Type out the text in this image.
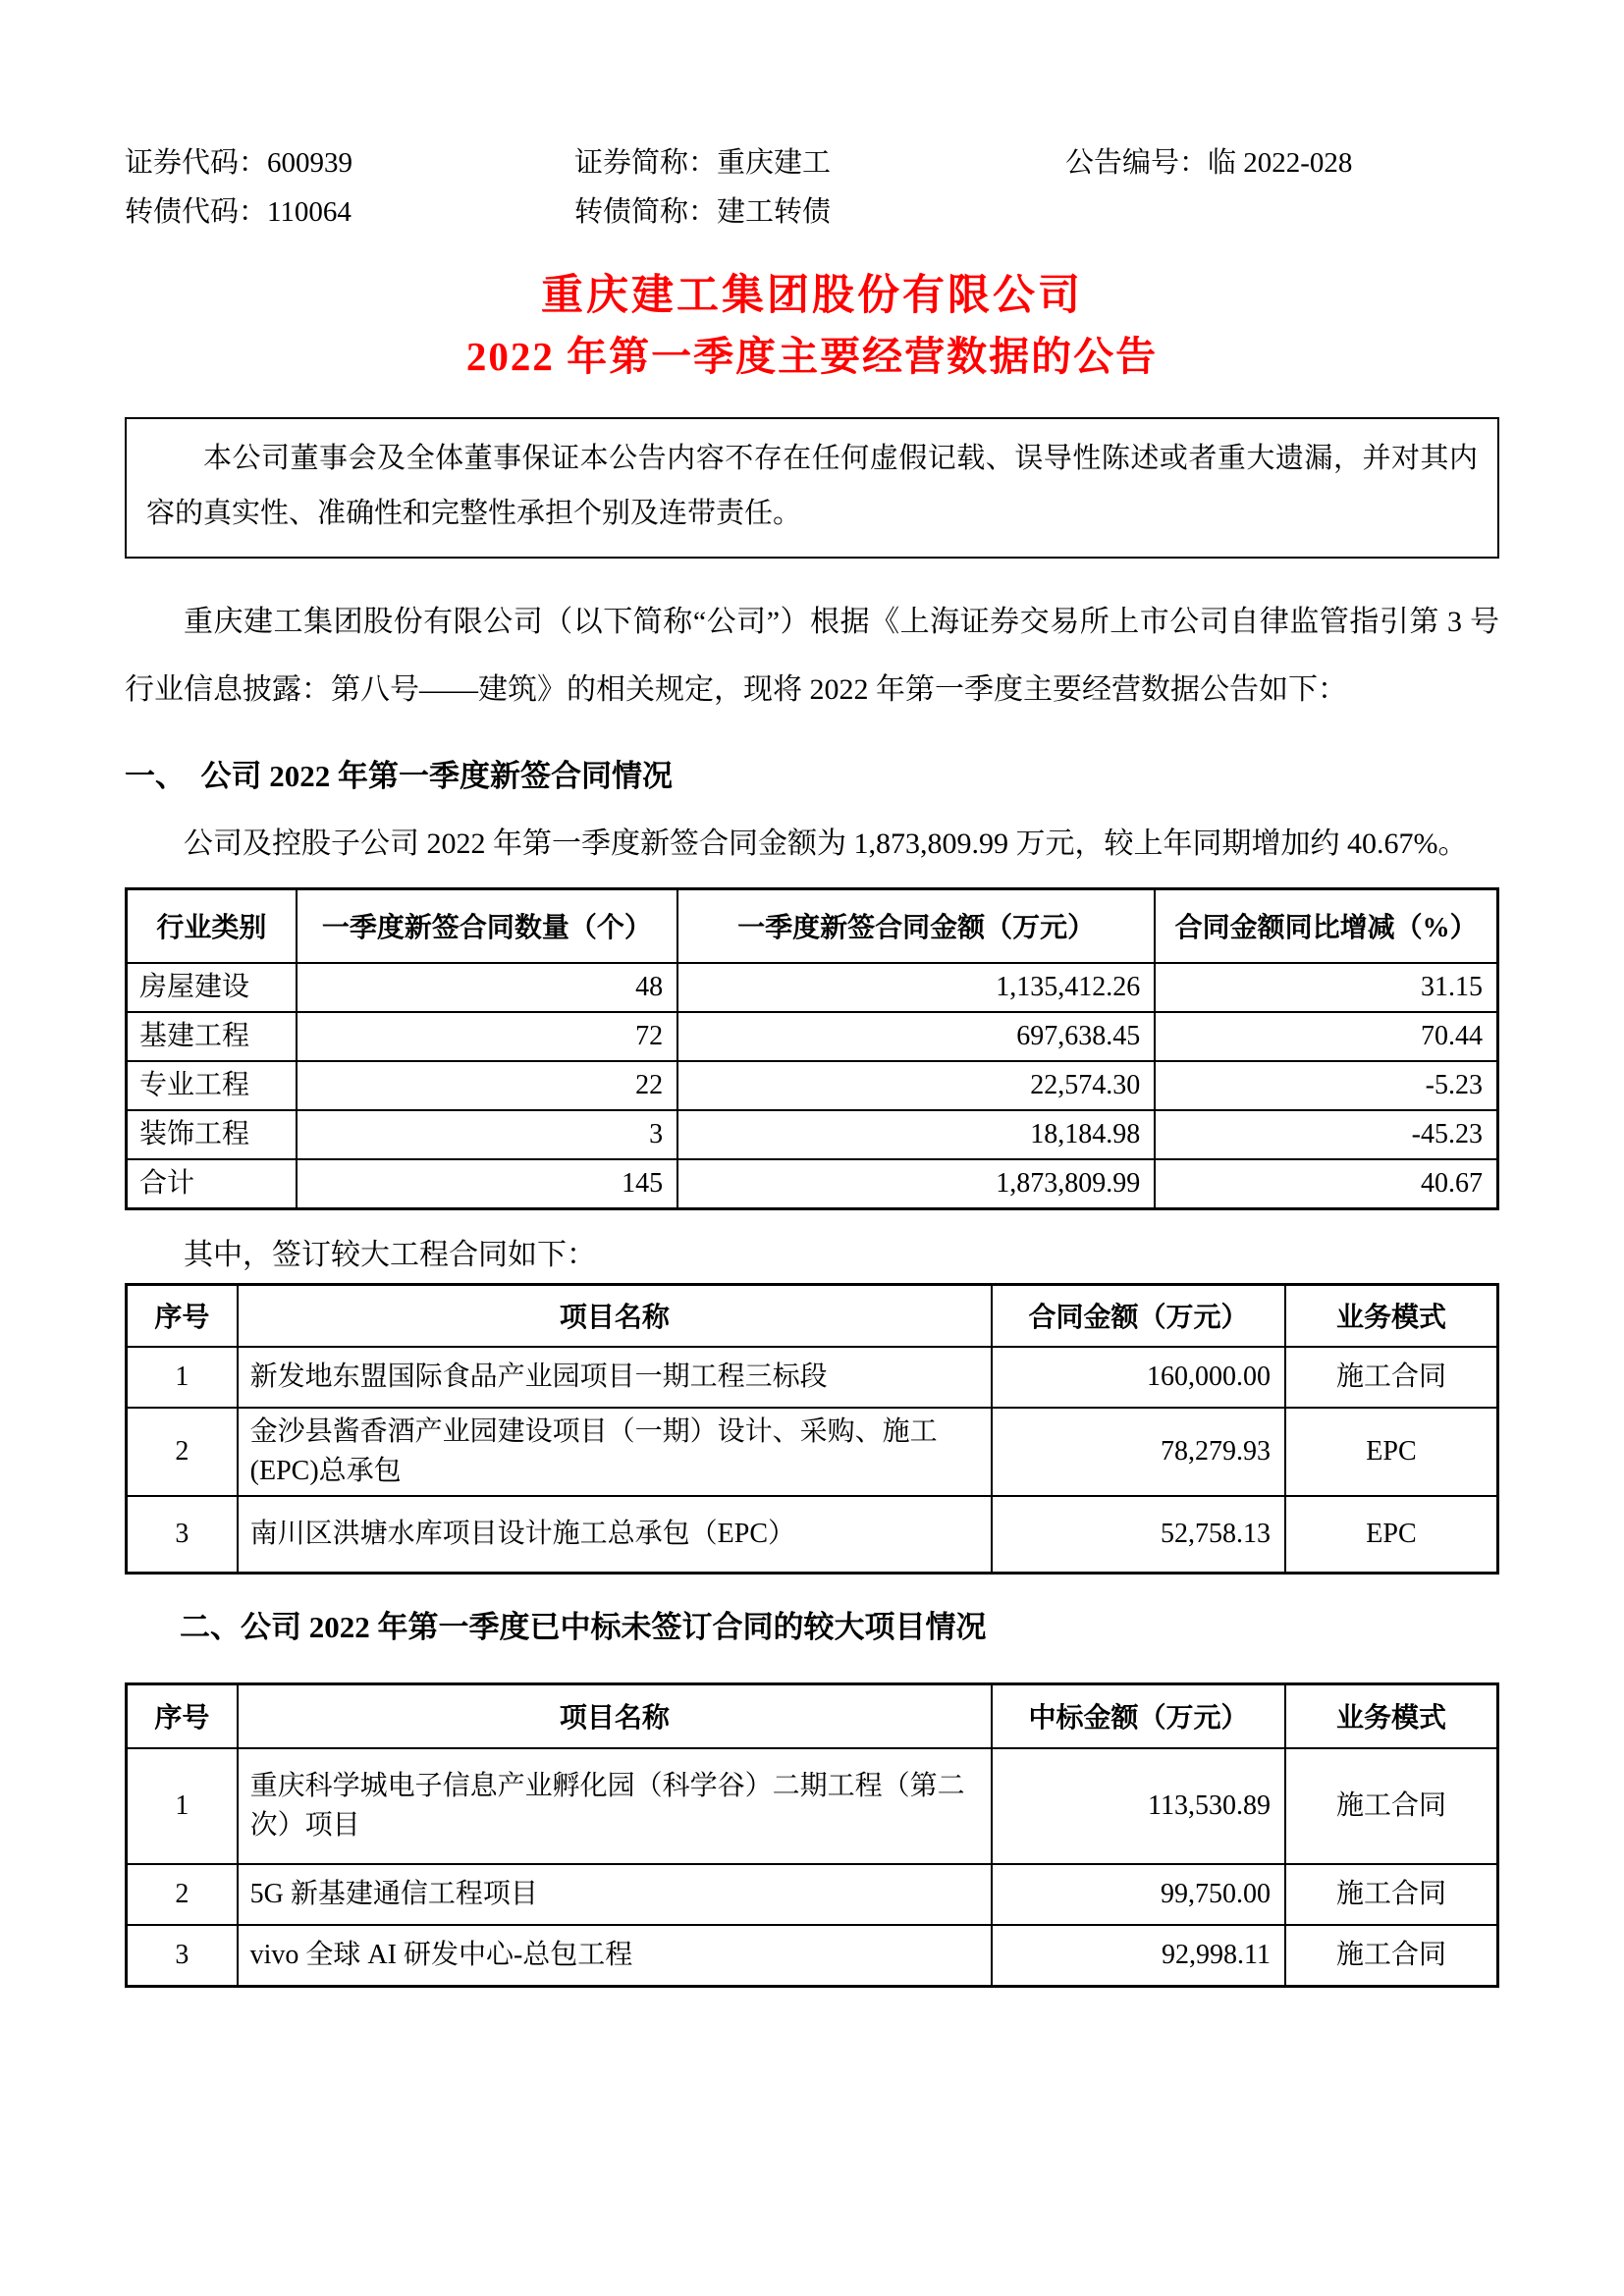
证券代码：600939	证券简称：重庆建工	公告编号：临 2022-028
转债代码：110064	转债简称：建工转债
重庆建工集团股份有限公司
2022 年第一季度主要经营数据的公告

本公司董事会及全体董事保证本公告内容不存在任何虚假记载、误导性陈述或者重大遗漏，并对其内容的真实性、准确性和完整性承担个别及连带责任。

重庆建工集团股份有限公司（以下简称“公司”）根据《上海证券交易所上市公司自律监管指引第 3 号行业信息披露：第八号——建筑》的相关规定，现将 2022 年第一季度主要经营数据公告如下：

一、　公司 2022 年第一季度新签合同情况

公司及控股子公司 2022 年第一季度新签合同金额为 1,873,809.99 万元，较上年同期增加约 40.67%。

行业类别	一季度新签合同数量（个）	一季度新签合同金额（万元）	合同金额同比增减（%）
房屋建设	48	1,135,412.26	31.15
基建工程	72	697,638.45	70.44
专业工程	22	22,574.30	-5.23
装饰工程	3	18,184.98	-45.23
合计	145	1,873,809.99	40.67

其中，签订较大工程合同如下：

序号	项目名称	合同金额（万元）	业务模式
1	新发地东盟国际食品产业园项目一期工程三标段	160,000.00	施工合同
2	金沙县酱香酒产业园建设项目（一期）设计、采购、施工(EPC)总承包	78,279.93	EPC
3	南川区洪塘水库项目设计施工总承包（EPC）	52,758.13	EPC
二、公司 2022 年第一季度已中标未签订合同的较大项目情况
序号	项目名称	中标金额（万元）	业务模式
1	重庆科学城电子信息产业孵化园（科学谷）二期工程（第二次）项目	113,530.89	施工合同
2	5G 新基建通信工程项目	99,750.00	施工合同
3	vivo 全球 AI 研发中心-总包工程	92,998.11	施工合同
